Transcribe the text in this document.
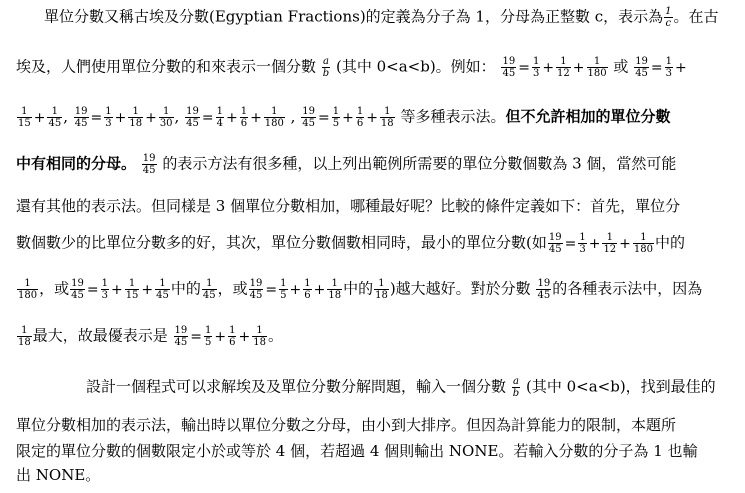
單位分數又稱古埃及分數(Egyptian Fractions)的定義為分子為 1，分母為正整數 c，表示為 $\frac{1}{c}$ 。在古
埃及，人們使用單位分數的和來表示一個分數 $\frac{a}{b}$ (其中 0<a<b)。例如： $\frac{19}{45} = \frac{1}{3} + \frac{1}{12} + \frac{1}{180}$ 或 $\frac{19}{45} = \frac{1}{3}$ +
$\frac{1}{15} + \frac{1}{45}$ , $\frac{19}{45} = \frac{1}{3} + \frac{1}{18} + \frac{1}{30}$ , $\frac{19}{45} = \frac{1}{4} + \frac{1}{6} + \frac{1}{180}$ , $\frac{19}{45} = \frac{1}{5} + \frac{1}{6} + \frac{1}{18}$ 等多種表示法。但不允許相加的單位分數
中有相同的分母。 $\frac{19}{45}$ 的表示方法有很多種，以上列出範例所需要的單位分數個數為 3 個，當然可能
還有其他的表示法。但同樣是 3 個單位分數相加，哪種最好呢？比較的條件定義如下：首先，單位分
數個數少的比單位分數多的好，其次，單位分數個數相同時，最小的單位分數(如 $\frac{19}{45} = \frac{1}{3} + \frac{1}{12} + \frac{1}{180}$ 中的
$\frac{1}{180}$ ，或 $\frac{19}{45} = \frac{1}{3} + \frac{1}{15} + \frac{1}{45}$ 中的 $\frac{1}{45}$ ，或 $\frac{19}{45} = \frac{1}{5} + \frac{1}{6} + \frac{1}{18}$ 中的 $\frac{1}{18}$ )越大越好。對於分數 $\frac{19}{45}$ 的各種表示法中，因為
$\frac{1}{18}$ 最大，故最優表示是 $\frac{19}{45} = \frac{1}{5} + \frac{1}{6} + \frac{1}{18}$ 。
設計一個程式可以求解埃及及單位分數分解問題，輸入一個分數 $\frac{a}{b}$ (其中 0<a<b)，找到最佳的
單位分數相加的表示法，輸出時以單位分數之分母，由小到大排序。但因為計算能力的限制，本題所
限定的單位分數的個數限定小於或等於 4 個，若超過 4 個則輸出 NONE。若輸入分數的分子為 1 也輸
出 NONE。
